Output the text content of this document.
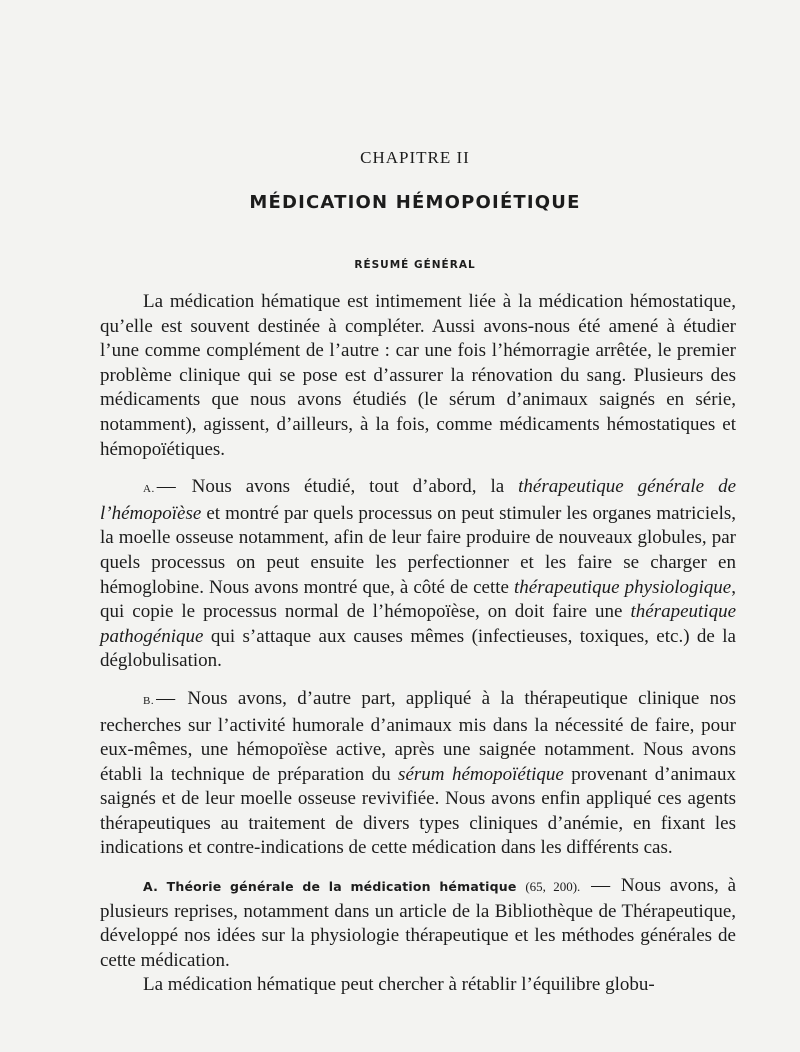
CHAPITRE II
MÉDICATION HÉMOPOIÉTIQUE
RÉSUMÉ GÉNÉRAL

La médication hématique est intimement liée à la médication hémostatique, qu’elle est souvent destinée à compléter. Aussi avons-nous été amené à étudier l’une comme complément de l’autre : car une fois l’hémorragie arrêtée, le premier problème clinique qui se pose est d’assurer la rénovation du sang. Plusieurs des médicaments que nous avons étudiés (le sérum d’animaux saignés en série, notamment), agissent, d’ailleurs, à la fois, comme médicaments hémostatiques et hémopoïétiques.

A. — Nous avons étudié, tout d’abord, la thérapeutique générale de l’hémopoïèse et montré par quels processus on peut stimuler les organes matriciels, la moelle osseuse notamment, afin de leur faire produire de nouveaux globules, par quels processus on peut ensuite les perfectionner et les faire se charger en hémoglobine. Nous avons montré que, à côté de cette thérapeutique physiologique, qui copie le processus normal de l’hémopoïèse, on doit faire une thérapeutique pathogénique qui s’attaque aux causes mêmes (infectieuses, toxiques, etc.) de la déglobulisation.

B. — Nous avons, d’autre part, appliqué à la thérapeutique clinique nos recherches sur l’activité humorale d’animaux mis dans la nécessité de faire, pour eux-mêmes, une hémopoïèse active, après une saignée notamment. Nous avons établi la technique de préparation du sérum hémopoïétique provenant d’animaux saignés et de leur moelle osseuse revivifiée. Nous avons enfin appliqué ces agents thérapeutiques au traitement de divers types cliniques d’anémie, en fixant les indications et contre-indications de cette médication dans les différents cas.

A. Théorie générale de la médication hématique (65, 200). — Nous avons, à plusieurs reprises, notamment dans un article de la Bibliothèque de Thérapeutique, développé nos idées sur la physiologie thérapeutique et les méthodes générales de cette médication.

La médication hématique peut chercher à rétablir l’équilibre globu-
